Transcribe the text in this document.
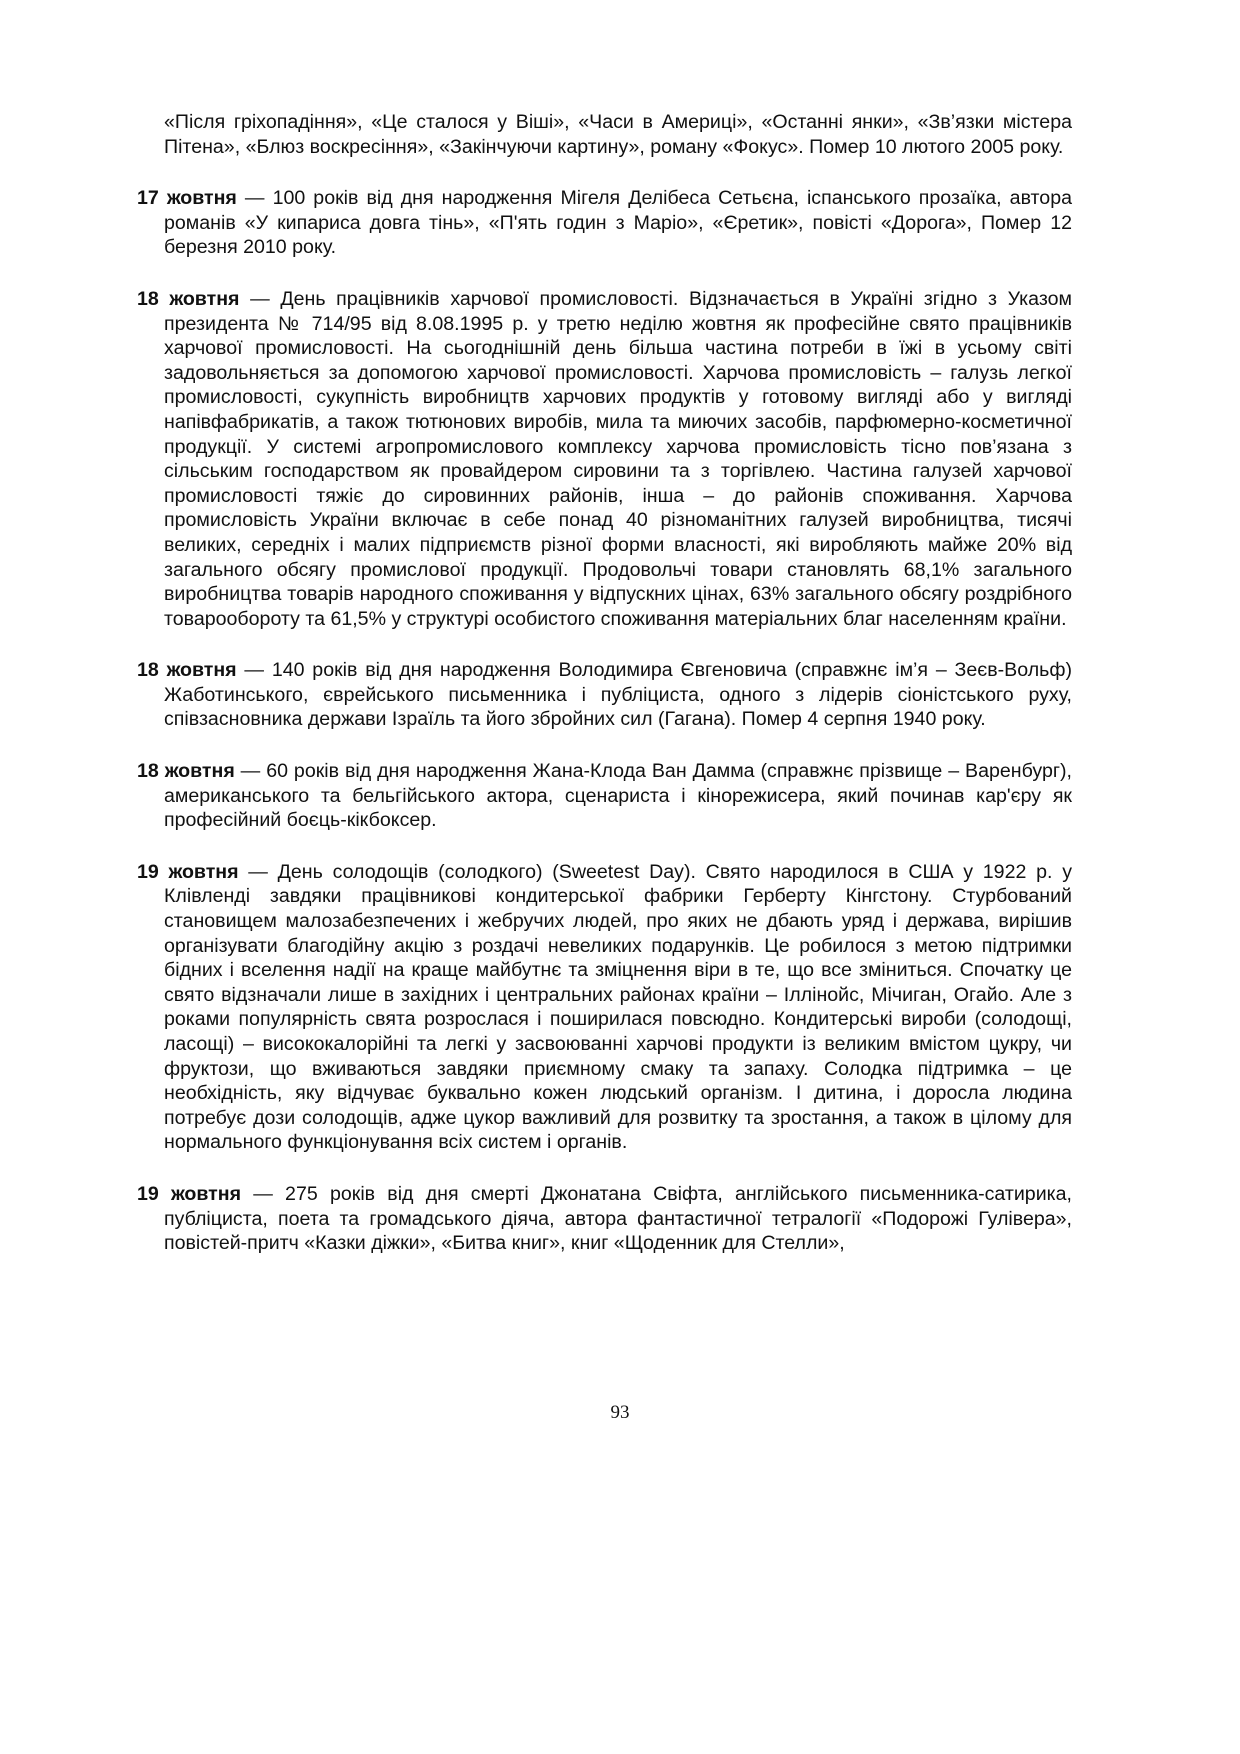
«Після гріхопадіння», «Це сталося у Віші», «Часи в Америці», «Останні янки», «Зв’язки містера Пітена», «Блюз воскресіння», «Закінчуючи картину», роману «Фокус». Помер 10 лютого 2005 року.

17 жовтня — 100 років від дня народження Мігеля Делібеса Сетьєна, іспанського прозаїка, автора романів «У кипариса довга тінь», «П'ять годин з Маріо», «Єретик», повісті «Дорога», Помер 12 березня 2010 року.

18 жовтня — День працівників харчової промисловості. Відзначається в Україні згідно з Указом президента № 714/95 від 8.08.1995 р. у третю неділю жовтня як професійне свято працівників харчової промисловості. На сьогоднішній день більша частина потреби в їжі в усьому світі задовольняється за допомогою харчової промисловості. Харчова промисловість – галузь легкої промисловості, сукупність виробництв харчових продуктів у готовому вигляді або у вигляді напівфабрикатів, а також тютюнових виробів, мила та миючих засобів, парфюмерно-косметичної продукції. У системі агропромислового комплексу харчова промисловість тісно пов’язана з сільським господарством як провайдером сировини та з торгівлею. Частина галузей харчової промисловості тяжіє до сировинних районів, інша – до районів споживання. Харчова промисловість України включає в себе понад 40 різноманітних галузей виробництва, тисячі великих, середніх і малих підприємств різної форми власності, які виробляють майже 20% від загального обсягу промислової продукції. Продовольчі товари становлять 68,1% загального виробництва товарів народного споживання у відпускних цінах, 63% загального обсягу роздрібного товарообороту та 61,5% у структурі особистого споживання матеріальних благ населенням країни.

18 жовтня — 140 років від дня народження Володимира Євгеновича (справжнє ім’я – Зеєв-Вольф) Жаботинського, єврейського письменника і публіциста, одного з лідерів сіоністського руху, співзасновника держави Ізраїль та його збройних сил (Гагана). Помер 4 серпня 1940 року.

18 жовтня — 60 років від дня народження Жана-Клода Ван Дамма (справжнє прізвище – Варенбург), американського та бельгійського актора, сценариста і кінорежисера, який починав кар'єру як професійний боєць-кікбоксер.

19 жовтня — День солодощів (солодкого) (Sweetest Day). Свято народилося в США у 1922 р. у Клівленді завдяки працівникові кондитерської фабрики Герберту Кінгстону. Стурбований становищем малозабезпечених і жебручих людей, про яких не дбають уряд і держава, вирішив організувати благодійну акцію з роздачі невеликих подарунків. Це робилося з метою підтримки бідних і вселення надії на краще майбутнє та зміцнення віри в те, що все зміниться. Спочатку це свято відзначали лише в західних і центральних районах країни – Іллінойс, Мічиган, Огайо. Але з роками популярність свята розрослася і поширилася повсюдно. Кондитерські вироби (солодощі, ласощі) – висококалорійні та легкі у засвоюванні харчові продукти із великим вмістом цукру, чи фруктози, що вживаються завдяки приємному смаку та запаху. Солодка підтримка – це необхідність, яку відчуває буквально кожен людський організм. І дитина, і доросла людина потребує дози солодощів, адже цукор важливий для розвитку та зростання, а також в цілому для нормального функціонування всіх систем і органів.

19 жовтня — 275 років від дня смерті Джонатана Свіфта, англійського письменника-сатирика, публіциста, поета та громадського діяча, автора фантастичної тетралогії «Подорожі Гулівера», повістей-притч «Казки діжки», «Битва книг», книг «Щоденник для Стелли»,

93
